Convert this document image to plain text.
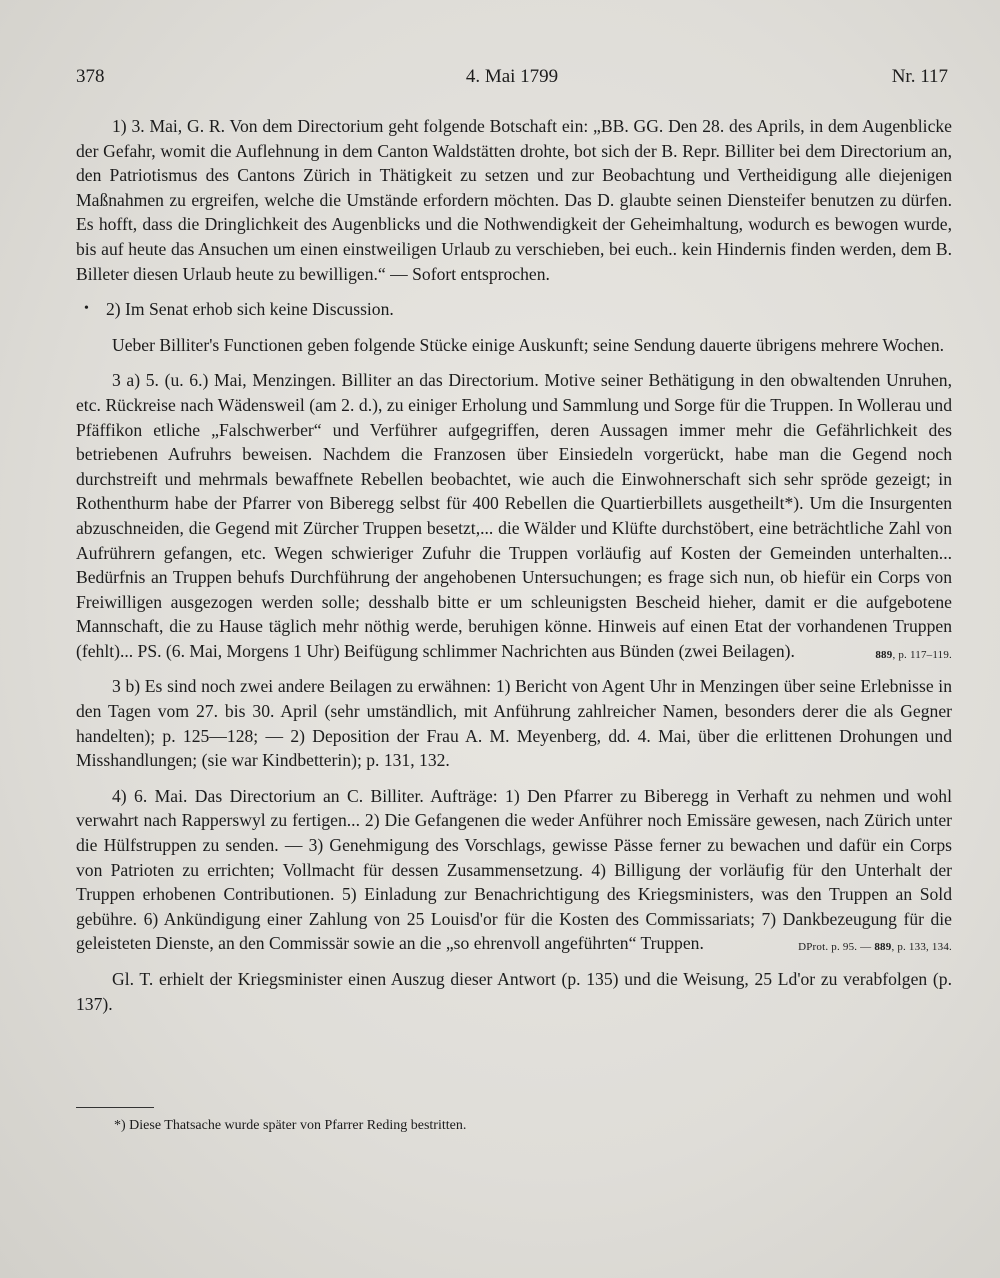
378	4. Mai 1799	Nr. 117

1) 3. Mai, G. R. Von dem Directorium geht folgende Botschaft ein: „BB. GG. Den 28. des Aprils, in dem Augenblicke der Gefahr, womit die Auflehnung in dem Canton Waldstätten drohte, bot sich der B. Repr. Billiter bei dem Directorium an, den Patriotismus des Cantons Zürich in Thätigkeit zu setzen und zur Beobachtung und Vertheidigung alle diejenigen Maßnahmen zu ergreifen, welche die Umstände erfordern möchten. Das D. glaubte seinen Diensteifer benutzen zu dürfen. Es hofft, dass die Dringlichkeit des Augenblicks und die Nothwendigkeit der Geheimhaltung, wodurch es bewogen wurde, bis auf heute das Ansuchen um einen einstweiligen Urlaub zu verschieben, bei euch.. kein Hindernis finden werden, dem B. Billeter diesen Urlaub heute zu bewilligen.“ — Sofort entsprochen.

• 2) Im Senat erhob sich keine Discussion.

Ueber Billiter's Functionen geben folgende Stücke einige Auskunft; seine Sendung dauerte übrigens mehrere Wochen.

3 a) 5. (u. 6.) Mai, Menzingen. Billiter an das Directorium. Motive seiner Bethätigung in den obwaltenden Unruhen, etc. Rückreise nach Wädensweil (am 2. d.), zu einiger Erholung und Sammlung und Sorge für die Truppen. In Wollerau und Pfäffikon etliche „Falschwerber“ und Verführer aufgegriffen, deren Aussagen immer mehr die Gefährlichkeit des betriebenen Aufruhrs beweisen. Nachdem die Franzosen über Einsiedeln vorgerückt, habe man die Gegend noch durchstreift und mehrmals bewaffnete Rebellen beobachtet, wie auch die Einwohnerschaft sich sehr spröde gezeigt; in Rothenthurm habe der Pfarrer von Biberegg selbst für 400 Rebellen die Quartierbillets ausgetheilt*). Um die Insurgenten abzuschneiden, die Gegend mit Zürcher Truppen besetzt,... die Wälder und Klüfte durchstöbert, eine beträchtliche Zahl von Aufrührern gefangen, etc. Wegen schwieriger Zufuhr die Truppen vorläufig auf Kosten der Gemeinden unterhalten... Bedürfnis an Truppen behufs Durchführung der angehobenen Untersuchungen; es frage sich nun, ob hiefür ein Corps von Freiwilligen ausgezogen werden solle; desshalb bitte er um schleunigsten Bescheid hieher, damit er die aufgebotene Mannschaft, die zu Hause täglich mehr nöthig werde, beruhigen könne. Hinweis auf einen Etat der vorhandenen Truppen (fehlt)... PS. (6. Mai, Morgens 1 Uhr) Beifügung schlimmer Nachrichten aus Bünden (zwei Beilagen).	889, p. 117–119.

3 b) Es sind noch zwei andere Beilagen zu erwähnen: 1) Bericht von Agent Uhr in Menzingen über seine Erlebnisse in den Tagen vom 27. bis 30. April (sehr umständlich, mit Anführung zahlreicher Namen, besonders derer die als Gegner handelten); p. 125—128; — 2) Deposition der Frau A. M. Meyenberg, dd. 4. Mai, über die erlittenen Drohungen und Misshandlungen; (sie war Kindbetterin); p. 131, 132.

4) 6. Mai. Das Directorium an C. Billiter. Aufträge: 1) Den Pfarrer zu Biberegg in Verhaft zu nehmen und wohl verwahrt nach Rapperswyl zu fertigen... 2) Die Gefangenen die weder Anführer noch Emissäre gewesen, nach Zürich unter die Hülfstruppen zu senden. — 3) Genehmigung des Vorschlags, gewisse Pässe ferner zu bewachen und dafür ein Corps von Patrioten zu errichten; Vollmacht für dessen Zusammensetzung. 4) Billigung der vorläufig für den Unterhalt der Truppen erhobenen Contributionen. 5) Einladung zur Benachrichtigung des Kriegsministers, was den Truppen an Sold gebühre. 6) Ankündigung einer Zahlung von 25 Louisd'or für die Kosten des Commissariats; 7) Dankbezeugung für die geleisteten Dienste, an den Commissär sowie an die „so ehrenvoll angeführten“ Truppen.	DProt. p. 95. — 889, p. 133, 134.

Gl. T. erhielt der Kriegsminister einen Auszug dieser Antwort (p. 135) und die Weisung, 25 Ld'or zu verabfolgen (p. 137).

*) Diese Thatsache wurde später von Pfarrer Reding bestritten.
